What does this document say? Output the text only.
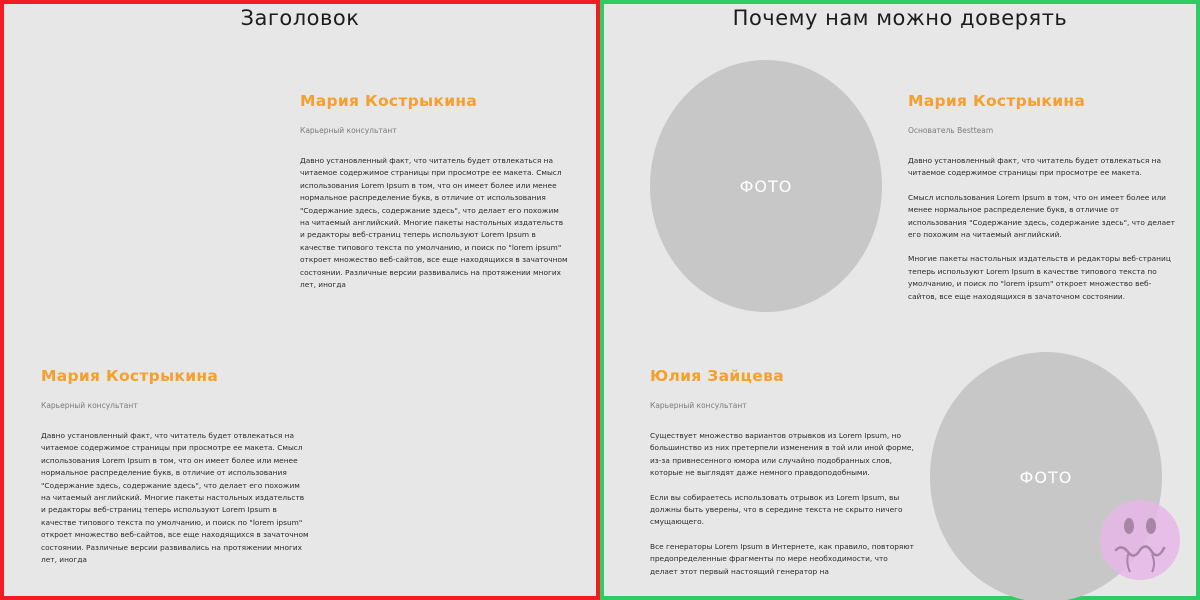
Заголовок
Мария Кострыкина
Карьерный консультант

Давно установленный факт, что читатель будет отвлекаться на читаемое содержимое страницы при просмотре ее макета. Смысл использования Lorem Ipsum в том, что он имеет более или менее нормальное распределение букв, в отличие от использования "Содержание здесь, содержание здесь", что делает его похожим на читаемый английский. Многие пакеты настольных издательств и редакторы веб-страниц теперь используют Lorem Ipsum в качестве типового текста по умолчанию, и поиск по "lorem ipsum" откроет множество веб-сайтов, все еще находящихся в зачаточном состоянии. Различные версии развивались на протяжении многих лет, иногда

Мария Кострыкина
Карьерный консультант

Давно установленный факт, что читатель будет отвлекаться на читаемое содержимое страницы при просмотре ее макета. Смысл использования Lorem Ipsum в том, что он имеет более или менее нормальное распределение букв, в отличие от использования "Содержание здесь, содержание здесь", что делает его похожим на читаемый английский. Многие пакеты настольных издательств и редакторы веб-страниц теперь используют Lorem Ipsum в качестве типового текста по умолчанию, и поиск по "lorem ipsum" откроет множество веб-сайтов, все еще находящихся в зачаточном состоянии. Различные версии развивались на протяжении многих лет, иногда

Почему нам можно доверять
ФОТО
Мария Кострыкина
Основатель Bestteam

Давно установленный факт, что читатель будет отвлекаться на читаемое содержимое страницы при просмотре ее макета.

Смысл использования Lorem Ipsum в том, что он имеет более или менее нормальное распределение букв, в отличие от использования "Содержание здесь, содержание здесь", что делает его похожим на читаемый английский.

Многие пакеты настольных издательств и редакторы веб-страниц теперь используют Lorem Ipsum в качестве типового текста по умолчанию, и поиск по "lorem ipsum" откроет множество веб-сайтов, все еще находящихся в зачаточном состоянии.

Юлия Зайцева
Карьерный консультант

Существует множество вариантов отрывков из Lorem Ipsum, но большинство из них претерпели изменения в той или иной форме, из-за привнесенного юмора или случайно подобранных слов, которые не выглядят даже немного правдоподобными.

Если вы собираетесь использовать отрывок из Lorem Ipsum, вы должны быть уверены, что в середине текста не скрыто ничего смущающего.

Все генераторы Lorem Ipsum в Интернете, как правило, повторяют предопределенные фрагменты по мере необходимости, что делает этот первый настоящий генератор на

ФОТО
